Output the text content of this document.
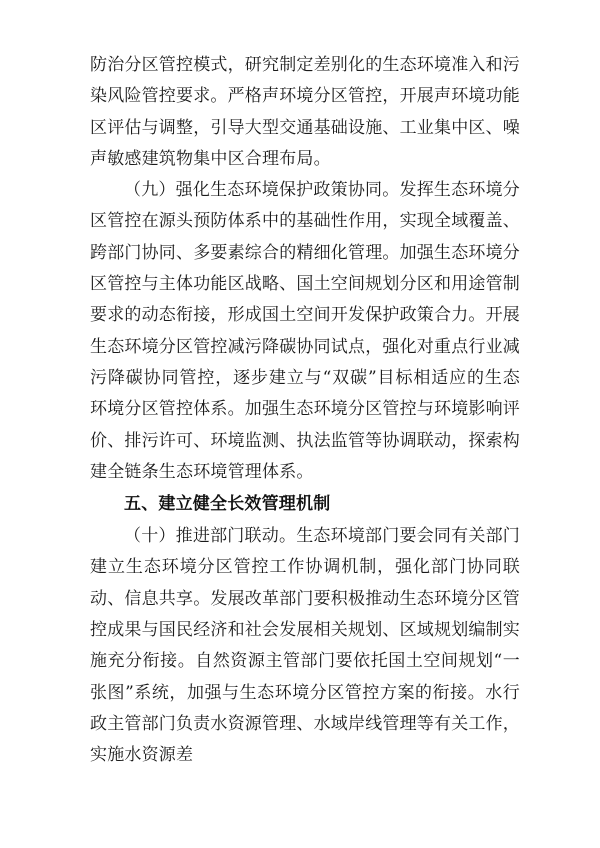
防治分区管控模式，研究制定差别化的生态环境准入和污染风险管控要求。严格声环境分区管控，开展声环境功能区评估与调整，引导大型交通基础设施、工业集中区、噪声敏感建筑物集中区合理布局。

（九）强化生态环境保护政策协同。发挥生态环境分区管控在源头预防体系中的基础性作用，实现全域覆盖、跨部门协同、多要素综合的精细化管理。加强生态环境分区管控与主体功能区战略、国土空间规划分区和用途管制要求的动态衔接，形成国土空间开发保护政策合力。开展生态环境分区管控减污降碳协同试点，强化对重点行业减污降碳协同管控，逐步建立与“双碳”目标相适应的生态环境分区管控体系。加强生态环境分区管控与环境影响评价、排污许可、环境监测、执法监管等协调联动，探索构建全链条生态环境管理体系。

五、建立健全长效管理机制

（十）推进部门联动。生态环境部门要会同有关部门建立生态环境分区管控工作协调机制，强化部门协同联动、信息共享。发展改革部门要积极推动生态环境分区管控成果与国民经济和社会发展相关规划、区域规划编制实施充分衔接。自然资源主管部门要依托国土空间规划“一张图”系统，加强与生态环境分区管控方案的衔接。水行政主管部门负责水资源管理、水域岸线管理等有关工作，实施水资源差
